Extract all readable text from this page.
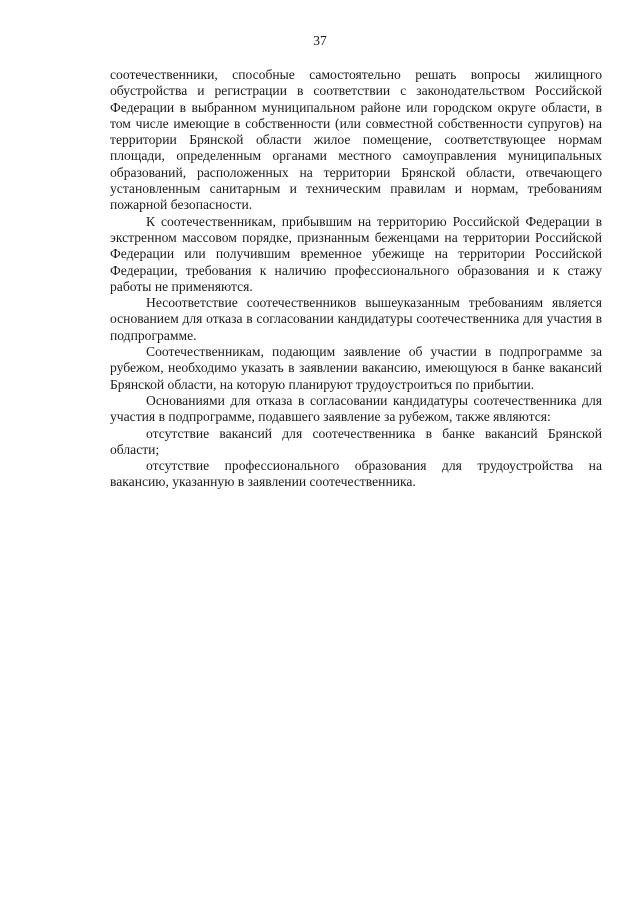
37

соотечественники, способные самостоятельно решать вопросы жилищного обустройства и регистрации в соответствии с законодательством Российской Федерации в выбранном муниципальном районе или городском округе области, в том числе имеющие в собственности (или совместной собственности супругов) на территории Брянской области жилое помещение, соответствующее нормам площади, определенным органами местного самоуправления муниципальных образований, расположенных на территории Брянской области, отвечающего установленным санитарным и техническим правилам и нормам, требованиям пожарной безопасности.

К соотечественникам, прибывшим на территорию Российской Федерации в экстренном массовом порядке, признанным беженцами на территории Российской Федерации или получившим временное убежище на территории Российской Федерации, требования к наличию профессионального образования и к стажу работы не применяются.

Несоответствие соотечественников вышеуказанным требованиям является основанием для отказа в согласовании кандидатуры соотечественника для участия в подпрограмме.

Соотечественникам, подающим заявление об участии в подпрограмме за рубежом, необходимо указать в заявлении вакансию, имеющуюся в банке вакансий Брянской области, на которую планируют трудоустроиться по прибытии.

Основаниями для отказа в согласовании кандидатуры соотечественника для участия в подпрограмме, подавшего заявление за рубежом, также являются:

отсутствие вакансий для соотечественника в банке вакансий Брянской области;

отсутствие профессионального образования для трудоустройства на вакансию, указанную в заявлении соотечественника.
